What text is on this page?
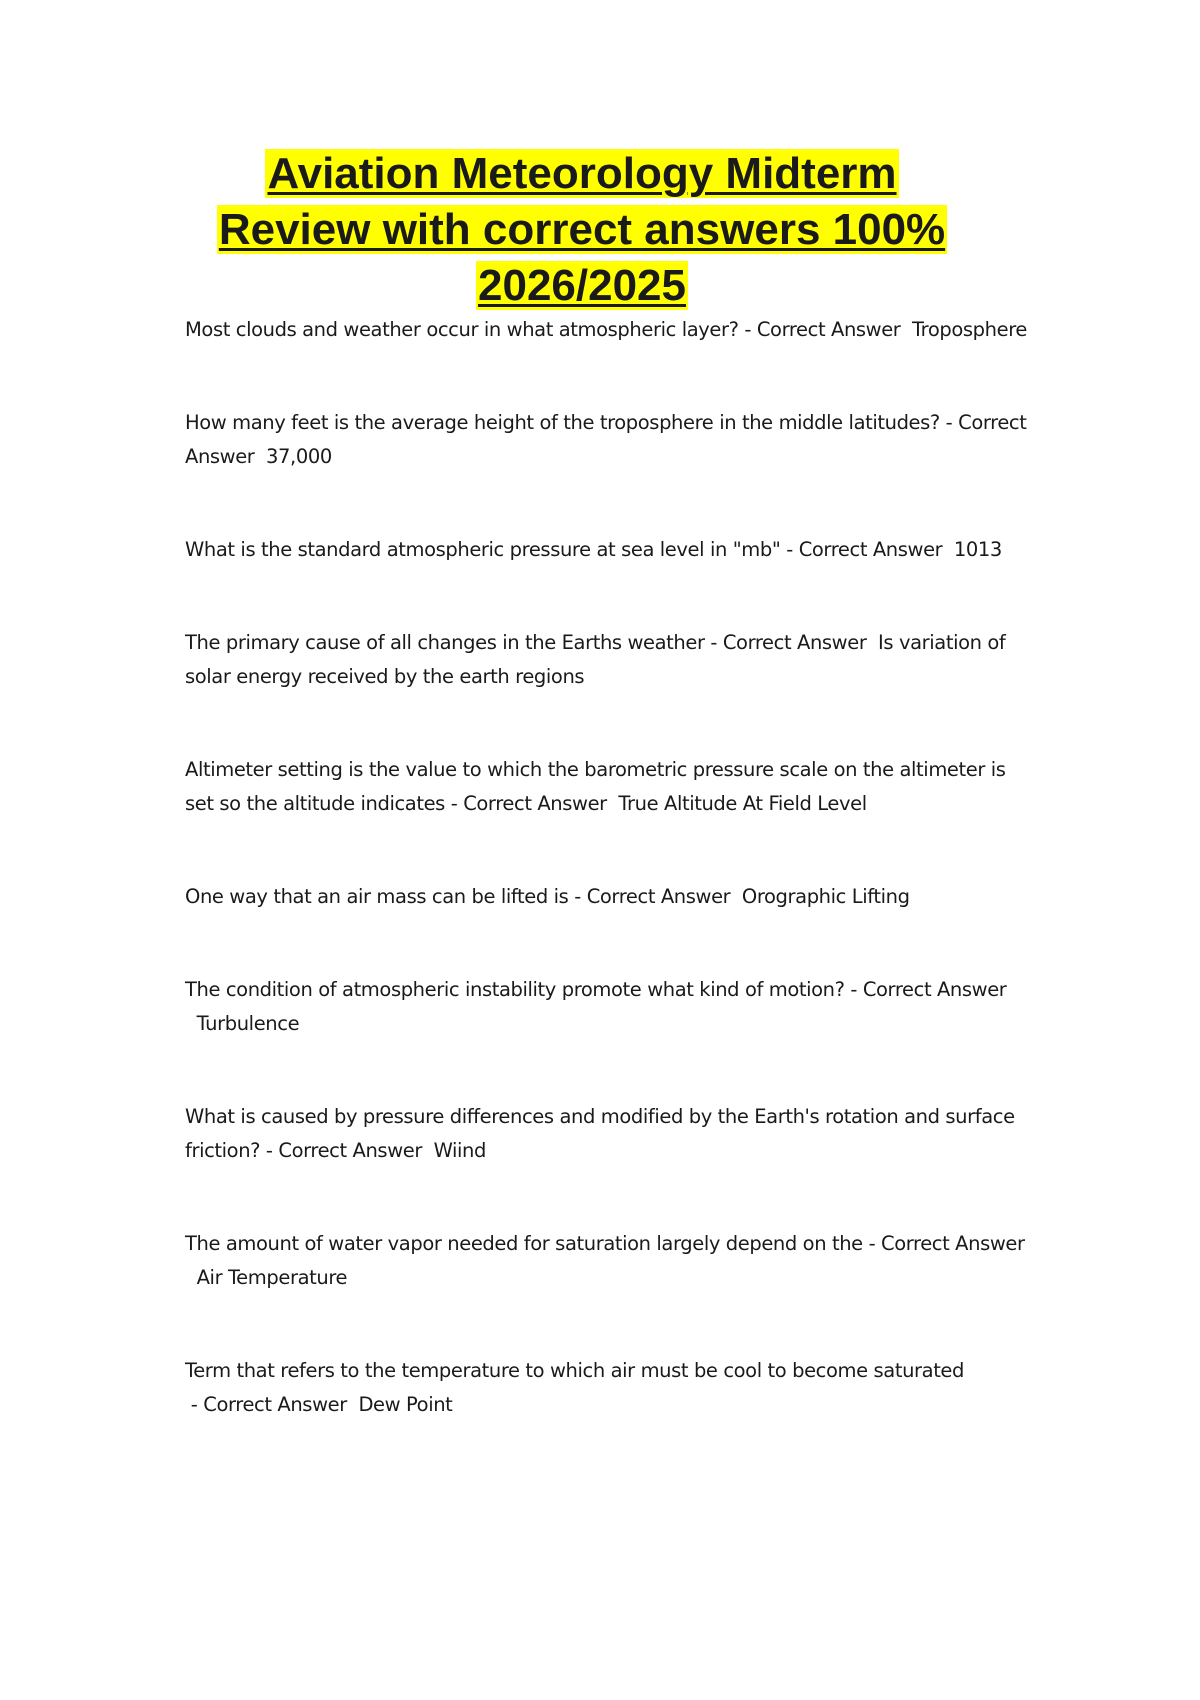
Aviation Meteorology Midterm
Review with correct answers 100%
2026/2025
Most clouds and weather occur in what atmospheric layer? - Correct Answer Troposphere
How many feet is the average height of the troposphere in the middle latitudes? - Correct Answer 37,000
What is the standard atmospheric pressure at sea level in "mb" - Correct Answer 1013
The primary cause of all changes in the Earths weather - Correct Answer Is variation of solar energy received by the earth regions
Altimeter setting is the value to which the barometric pressure scale on the altimeter is set so the altitude indicates - Correct Answer True Altitude At Field Level
One way that an air mass can be lifted is - Correct Answer Orographic Lifting
The condition of atmospheric instability promote what kind of motion? - Correct Answer  Turbulence
What is caused by pressure differences and modified by the Earth's rotation and surface friction? - Correct Answer Wiind
The amount of water vapor needed for saturation largely depend on the - Correct Answer  Air Temperature
Term that refers to the temperature to which air must be cool to become saturated - Correct Answer Dew Point
